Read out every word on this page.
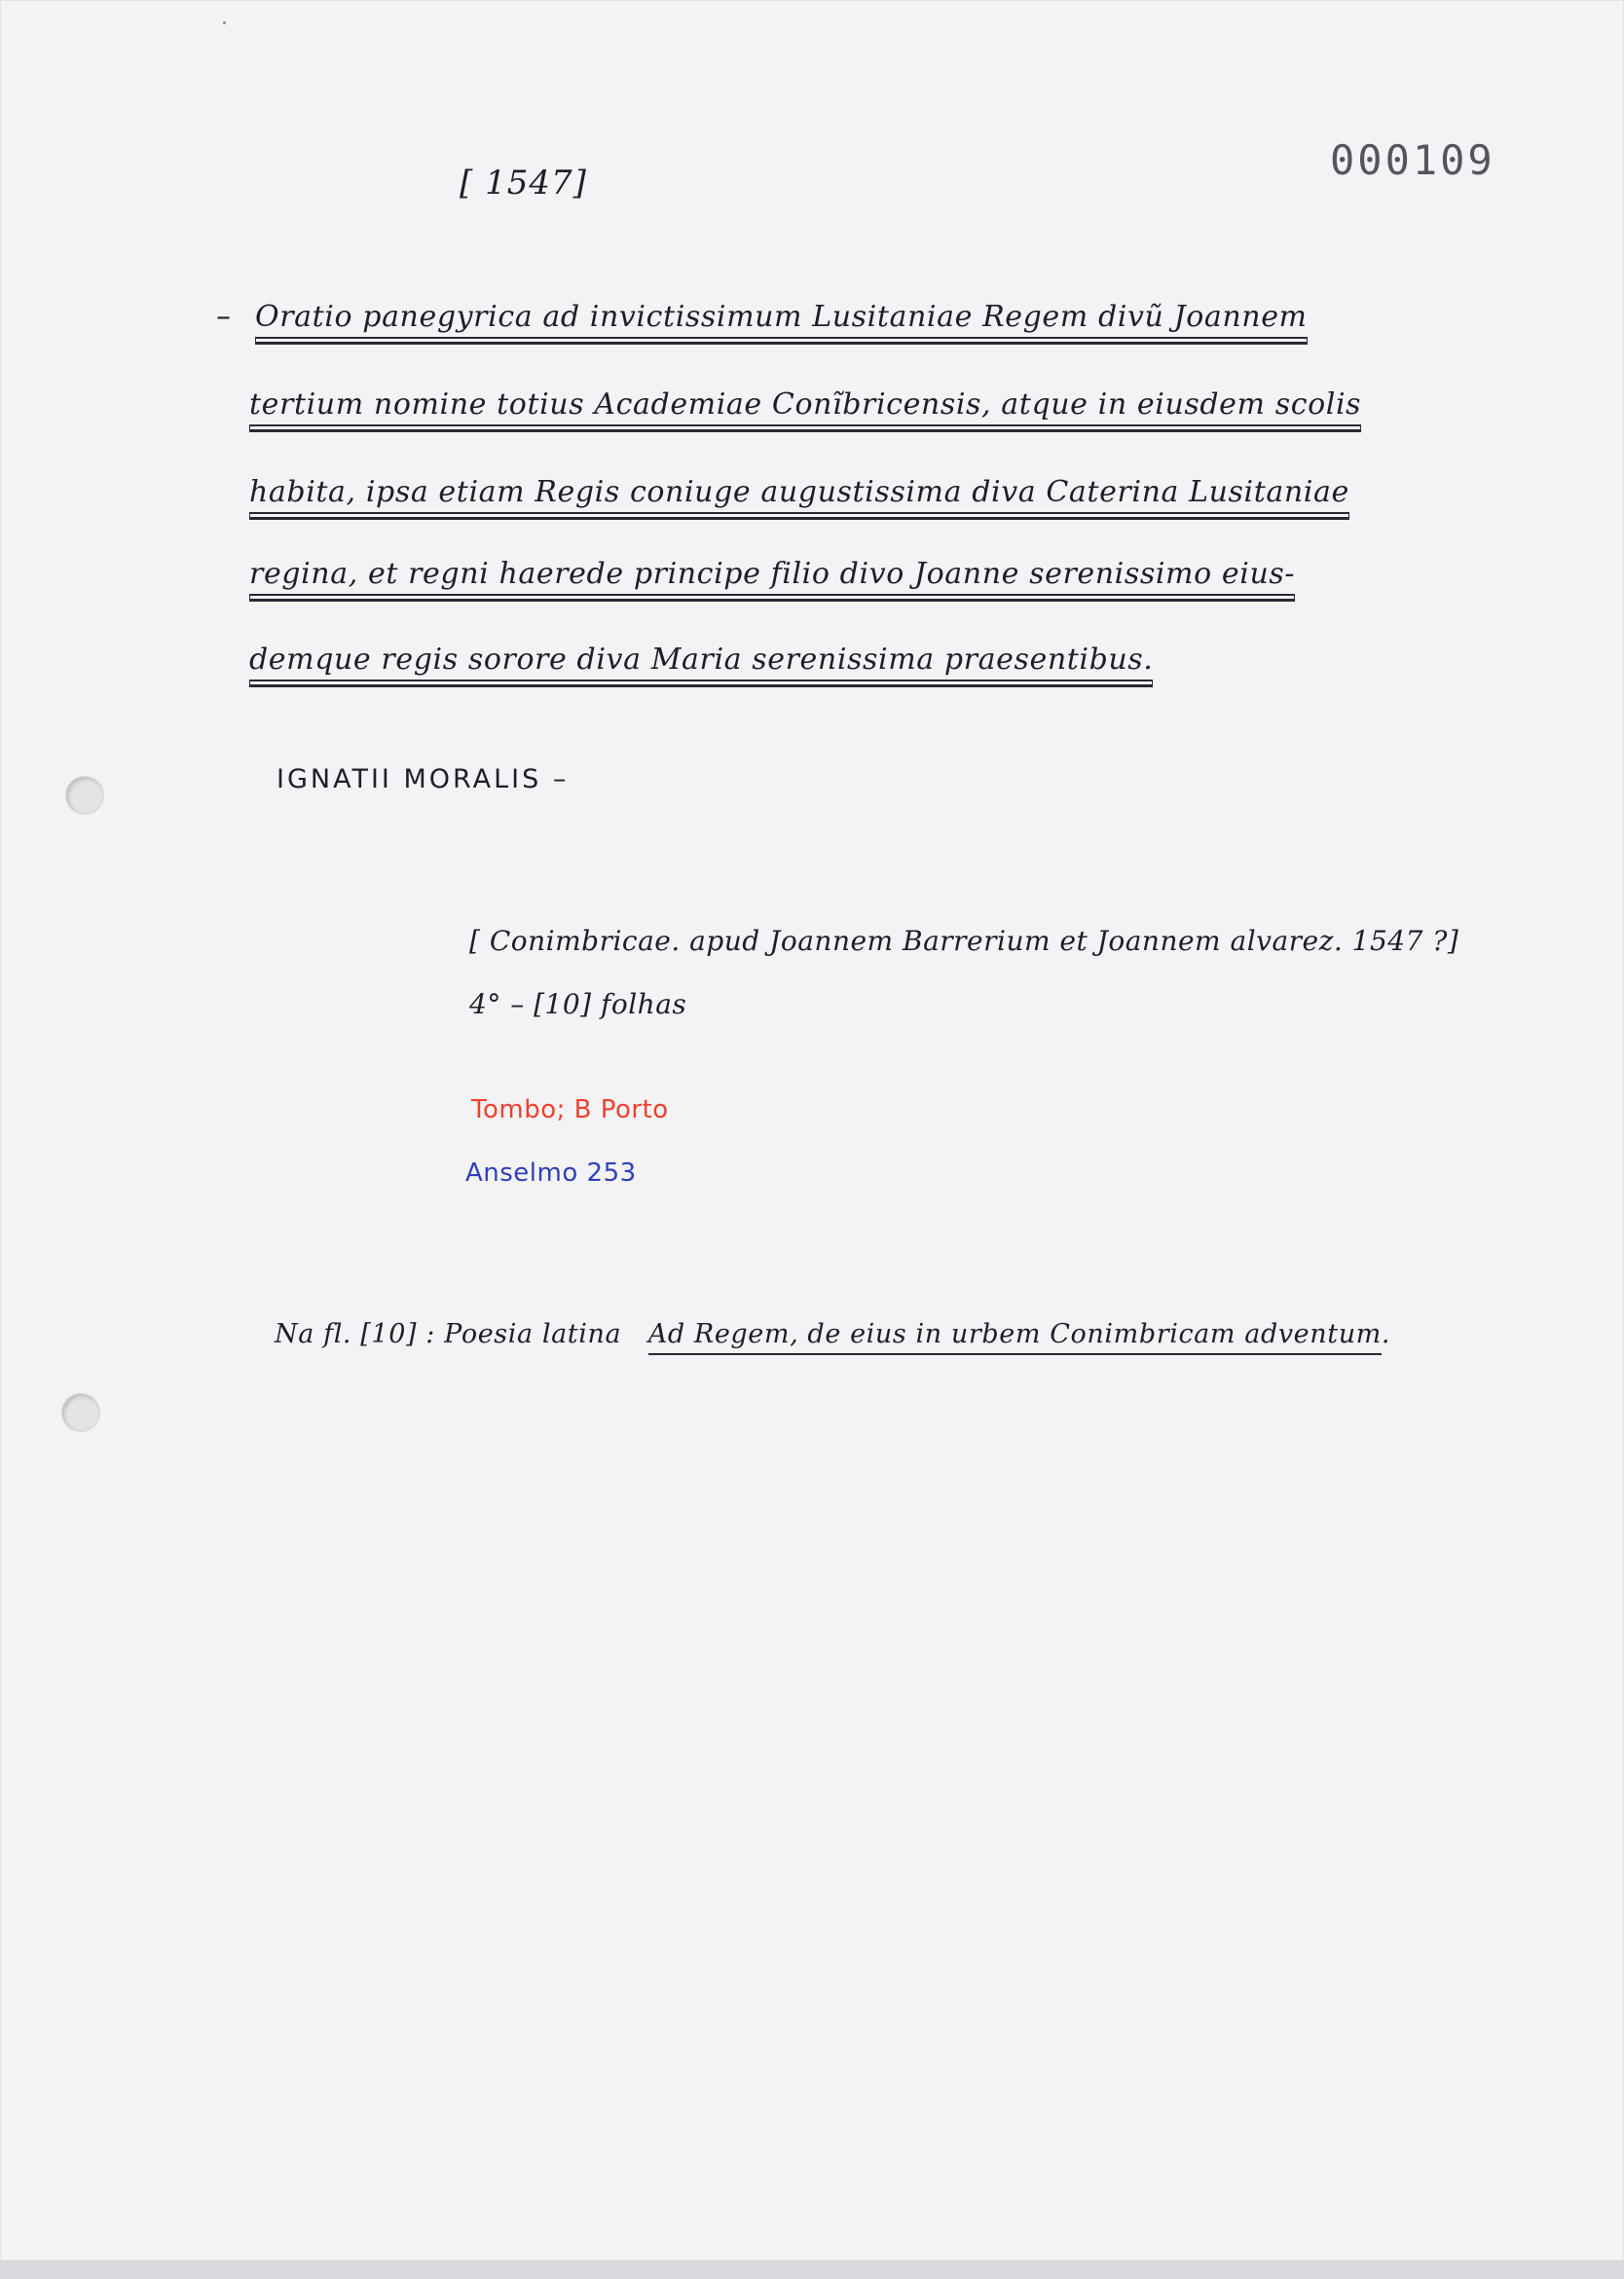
[ 1547]	000109

– Oratio panegyrica ad invictissimum Lusitaniae Regem divũ Joannem

tertium nomine totius Academiae Conĩbricensis, atque in eiusdem scolis

habita, ipsa etiam Regis coniuge augustissima diva Caterina Lusitaniae

regina, et regni haerede principe filio divo Joanne serenissimo eius-

demque regis sorore diva Maria serenissima praesentibus.

IGNATII MORALIS –

[ Conimbricae. apud Joannem Barrerium et Joannem alvarez. 1547 ?]

4° – [10] folhas

Tombo; B Porto

Anselmo 253

Na fl. [10] : Poesia latina Ad Regem, de eius in urbem Conimbricam adventum.
